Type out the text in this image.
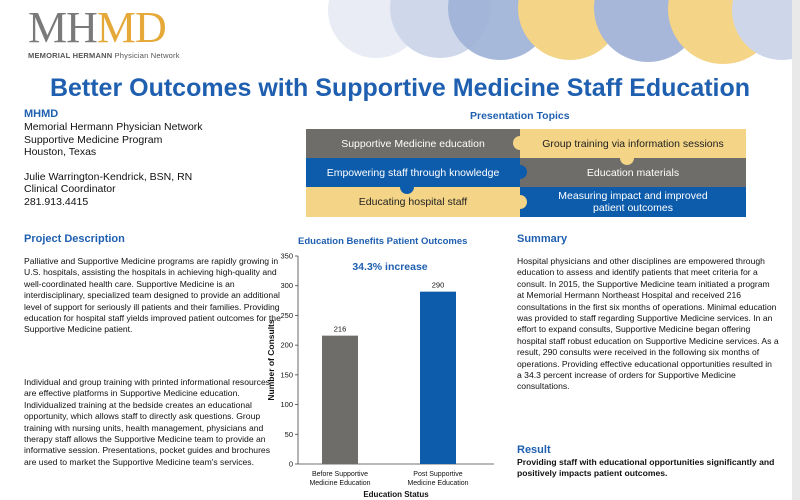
MHMD
MEMORIAL HERMANN Physician Network
Better Outcomes with Supportive Medicine Staff Education
MHMD
Memorial Hermann Physician Network
Supportive Medicine Program
Houston, Texas
Julie Warrington-Kendrick, BSN, RN
Clinical Coordinator
281.913.4415
Presentation Topics
Supportive Medicine education	Group training via information sessions
Empowering staff through knowledge	Education materials
Educating hospital staff	Measuring impact and improved patient outcomes
Project Description
Palliative and Supportive Medicine programs are rapidly growing in U.S. hospitals, assisting the hospitals in achieving high-quality and well-coordinated health care. Supportive Medicine is an interdisciplinary, specialized team designed to provide an additional level of support for seriously ill patients and their families. Providing education for hospital staff yields improved patient outcomes for the Supportive Medicine patient.
Individual and group training with printed informational resources are effective platforms in Supportive Medicine education. Individualized training at the bedside creates an educational opportunity, which allows staff to directly ask questions. Group training with nursing units, health management, physicians and therapy staff allows the Supportive Medicine team to provide an informative session. Presentations, pocket guides and brochures are used to market the Supportive Medicine team's services.
Education Benefits Patient Outcomes
0
50
100
150
200
250
300
350
Number of Consults
34.3% increase
216
Before Supportive
Medicine Education
290
Post Supportive
Medicine Education
Education Status
Summary
Hospital physicians and other disciplines are empowered through education to assess and identify patients that meet criteria for a consult. In 2015, the Supportive Medicine team initiated a program at Memorial Hermann Northeast Hospital and received 216 consultations in the first six months of operations. Minimal education was provided to staff regarding Supportive Medicine services. In an effort to expand consults, Supportive Medicine began offering hospital staff robust education on Supportive Medicine services. As a result, 290 consults were received in the following six months of operations. Providing effective educational opportunities resulted in a 34.3 percent increase of orders for Supportive Medicine consultations.
Result
Providing staff with educational opportunities significantly and positively impacts patient outcomes.
